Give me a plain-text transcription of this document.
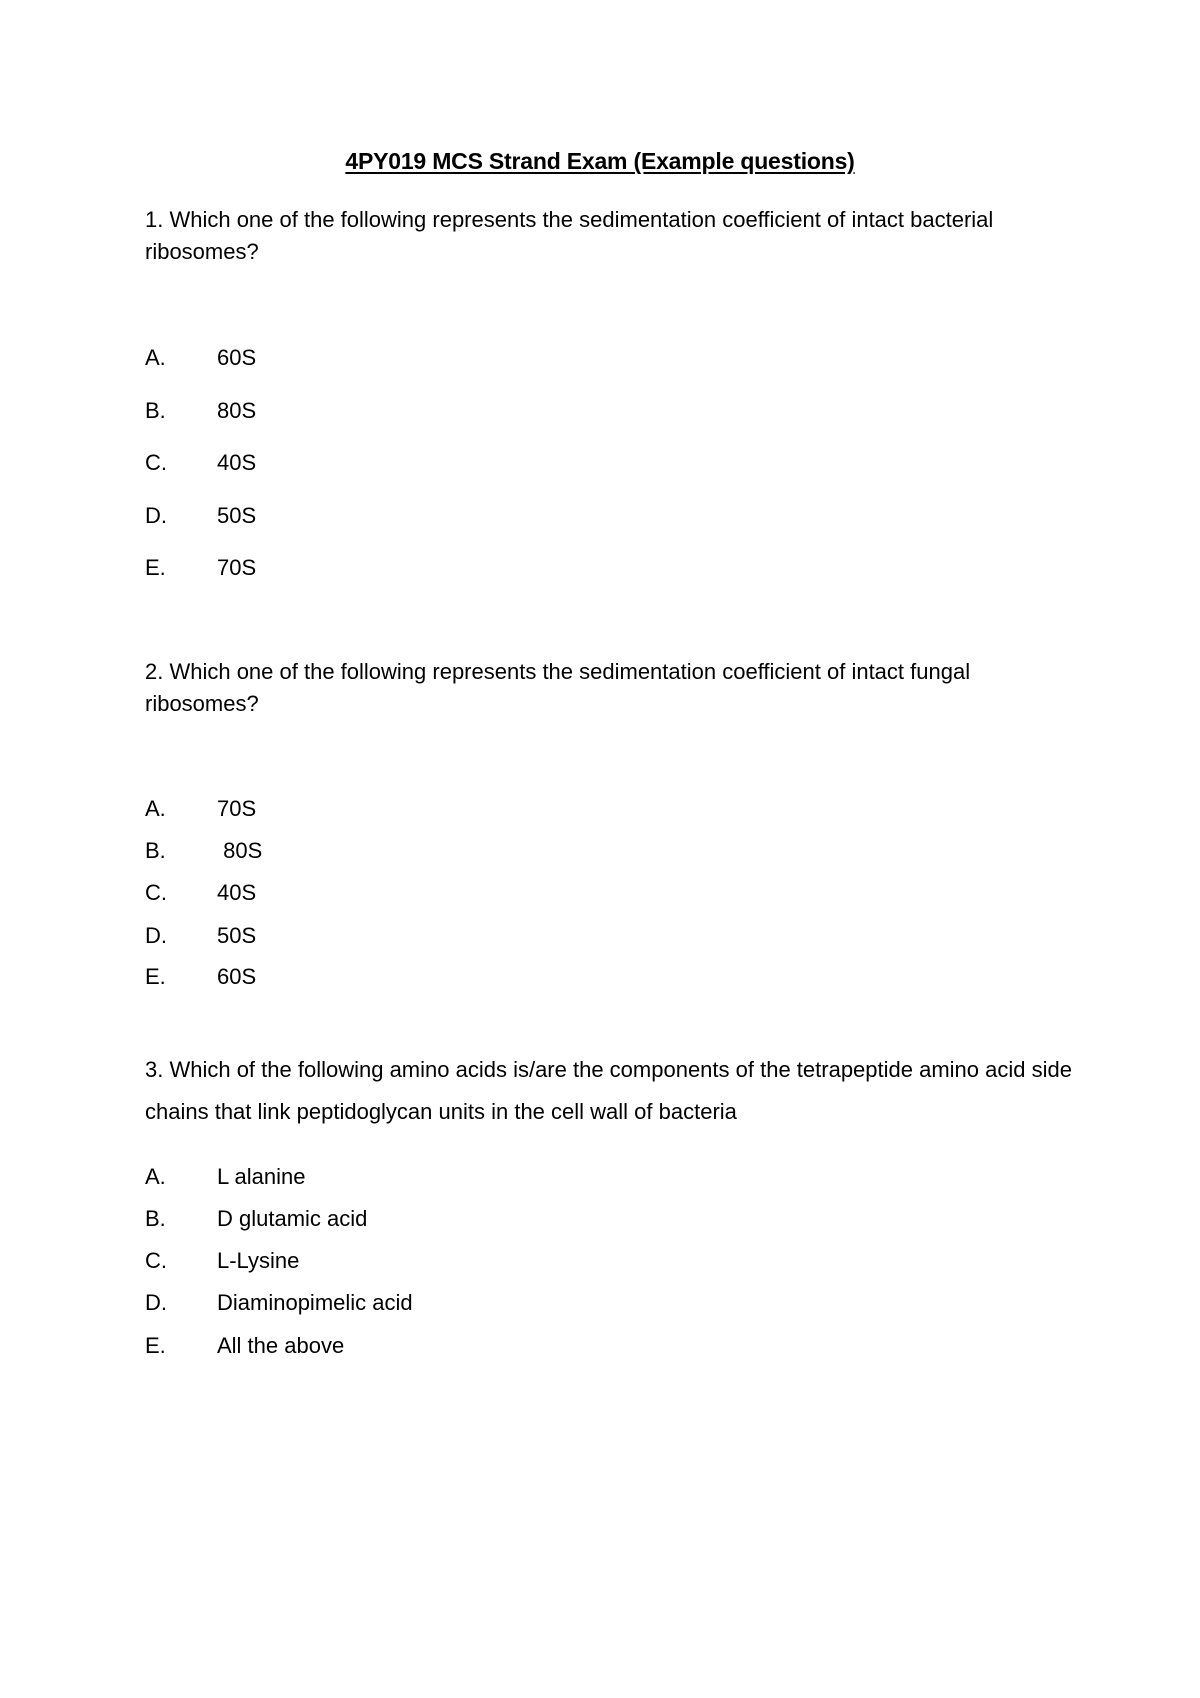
4PY019 MCS Strand Exam (Example questions)

1. Which one of the following represents the sedimentation coefficient of intact bacterial ribosomes?

A.

60S

B.

80S

C.

40S

D.

50S

E.

70S

2. Which one of the following represents the sedimentation coefficient of intact fungal ribosomes?

A.

70S

B.

80S

C.

40S

D.

50S

E.

60S

3. Which of the following amino acids is/are the components of the tetrapeptide amino acid side chains that link peptidoglycan units in the cell wall of bacteria

A.

L alanine

B.

D glutamic acid

C.

L-Lysine

D.

Diaminopimelic acid

E.

All the above
